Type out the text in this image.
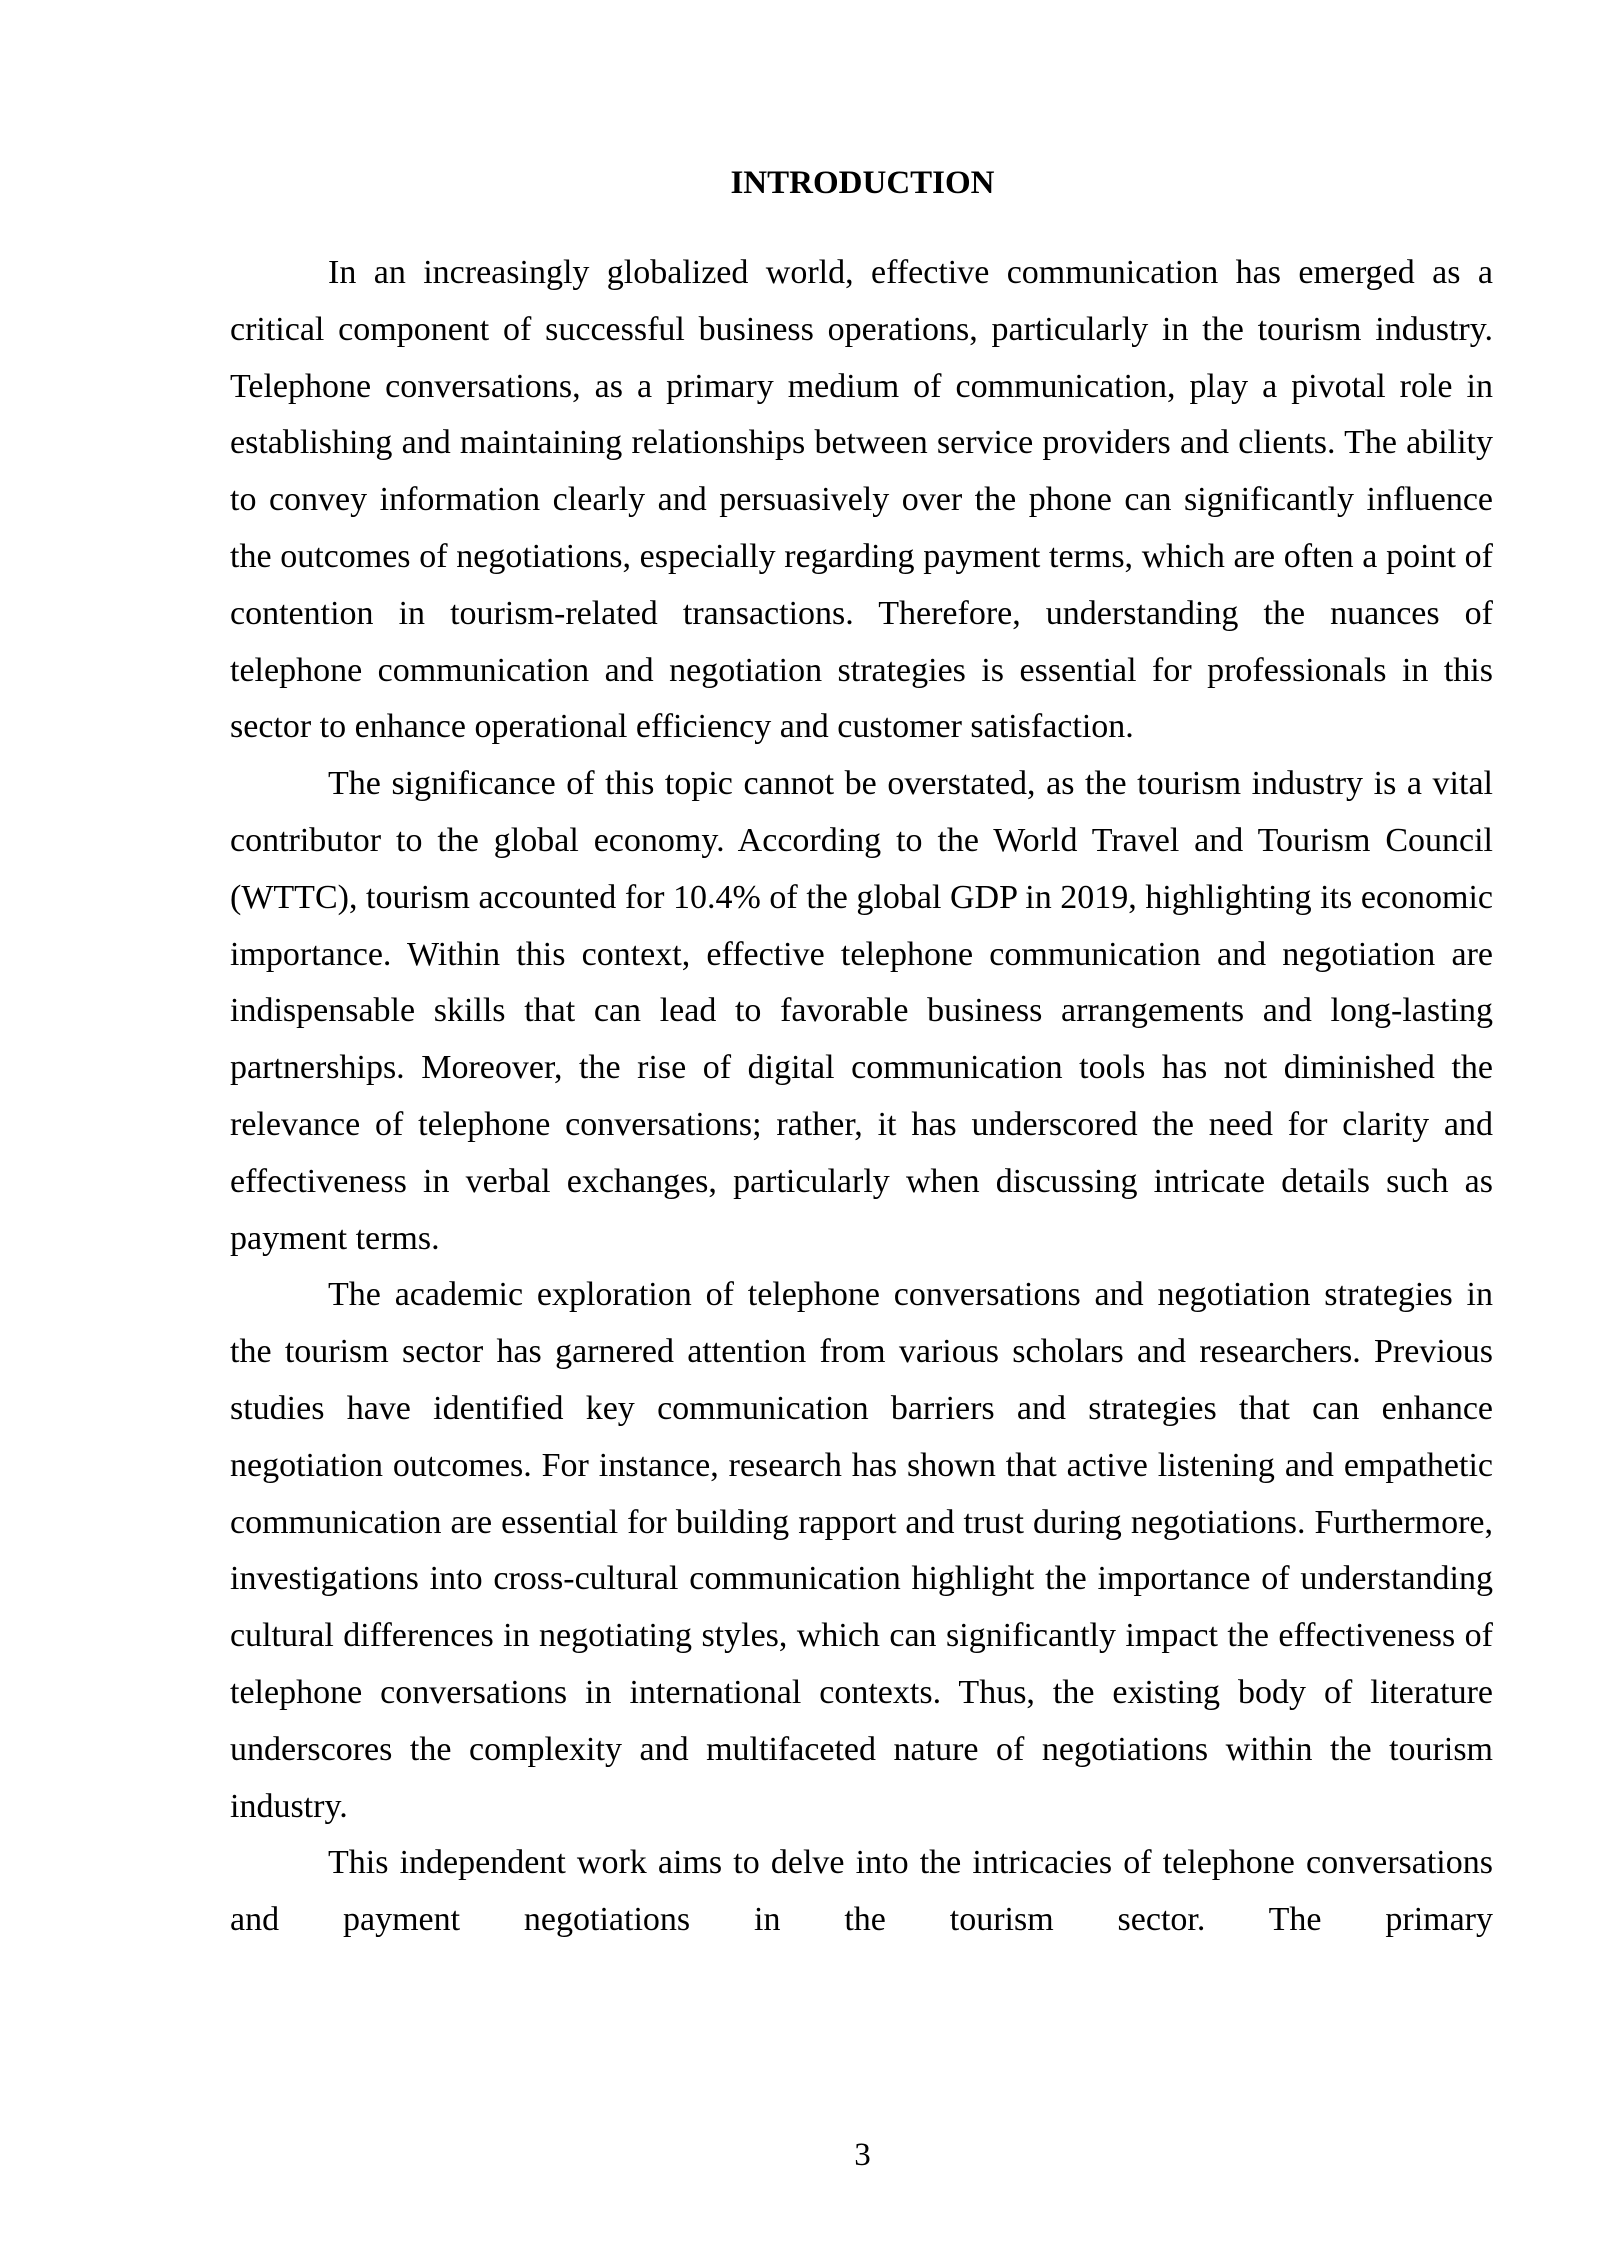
INTRODUCTION

In an increasingly globalized world, effective communication has emerged as a critical component of successful business operations, particularly in the tourism industry. Telephone conversations, as a primary medium of communication, play a pivotal role in establishing and maintaining relationships between service providers and clients. The ability to convey information clearly and persuasively over the phone can significantly influence the outcomes of negotiations, especially regarding payment terms, which are often a point of contention in tourism-related transactions. Therefore, understanding the nuances of telephone communication and negotiation strategies is essential for professionals in this sector to enhance operational efficiency and customer satisfaction.

The significance of this topic cannot be overstated, as the tourism industry is a vital contributor to the global economy. According to the World Travel and Tourism Council (WTTC), tourism accounted for 10.4% of the global GDP in 2019, highlighting its economic importance. Within this context, effective telephone communication and negotiation are indispensable skills that can lead to favorable business arrangements and long-lasting partnerships. Moreover, the rise of digital communication tools has not diminished the relevance of telephone conversations; rather, it has underscored the need for clarity and effectiveness in verbal exchanges, particularly when discussing intricate details such as payment terms.

The academic exploration of telephone conversations and negotiation strategies in the tourism sector has garnered attention from various scholars and researchers. Previous studies have identified key communication barriers and strategies that can enhance negotiation outcomes. For instance, research has shown that active listening and empathetic communication are essential for building rapport and trust during negotiations. Furthermore, investigations into cross-cultural communication highlight the importance of understanding cultural differences in negotiating styles, which can significantly impact the effectiveness of telephone conversations in international contexts. Thus, the existing body of literature underscores the complexity and multifaceted nature of negotiations within the tourism industry.

This independent work aims to delve into the intricacies of telephone conversations and payment negotiations in the tourism sector. The primary

3
